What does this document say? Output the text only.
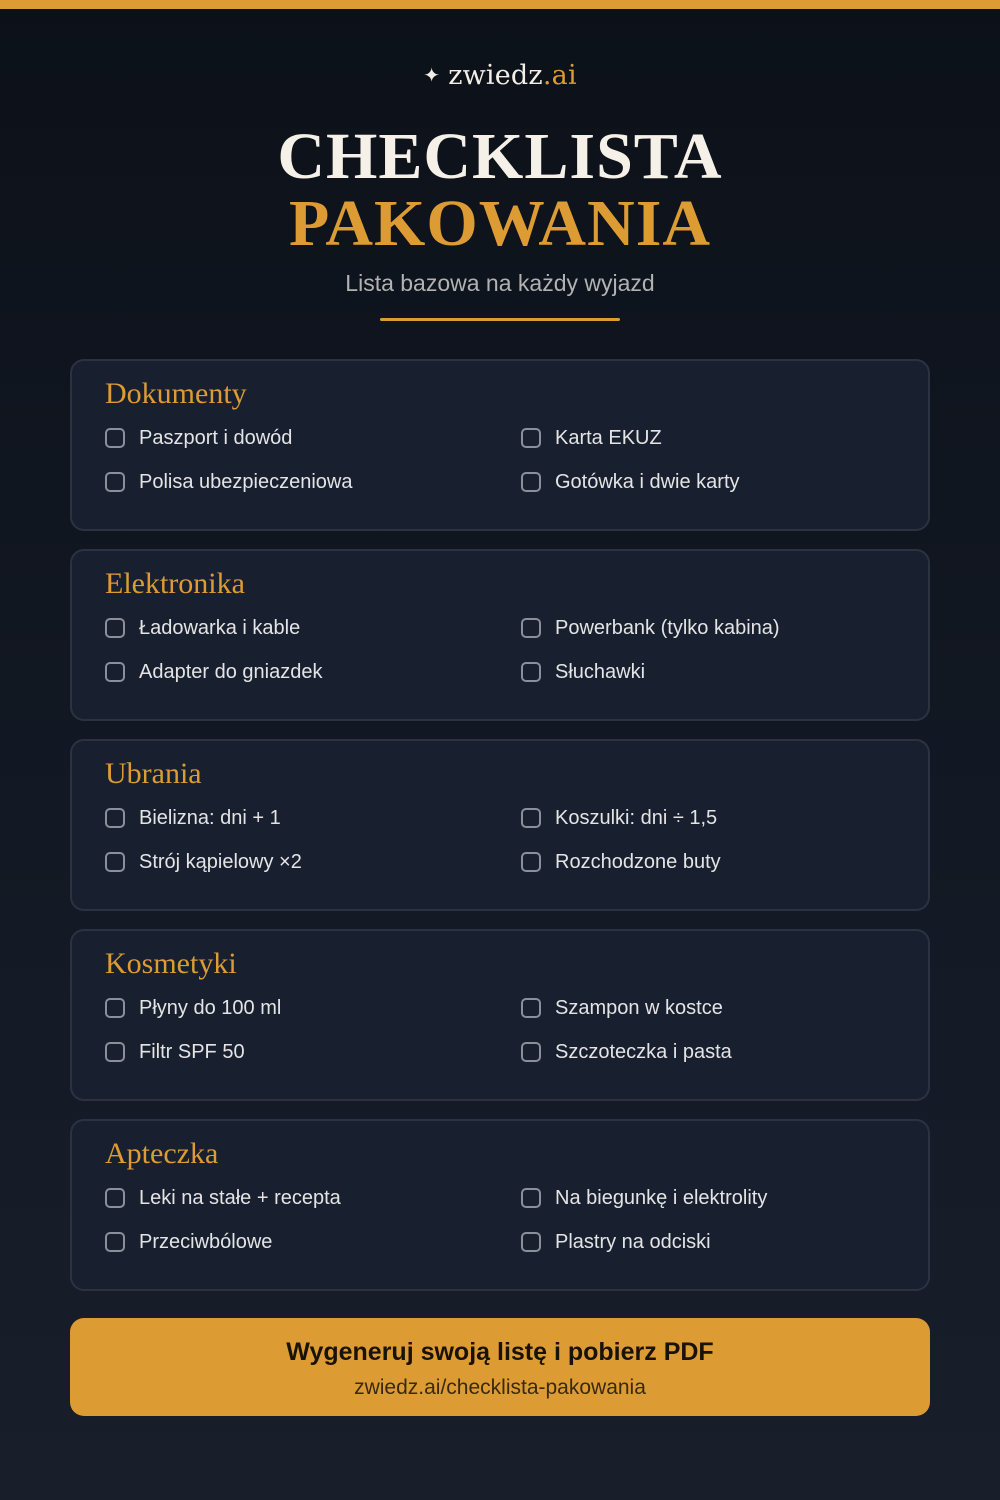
✦ zwiedz.ai
CHECKLISTA
PAKOWANIA
Lista bazowa na każdy wyjazd
Dokumenty
Paszport i dowód	Karta EKUZ
Polisa ubezpieczeniowa	Gotówka i dwie karty
Elektronika
Ładowarka i kable	Powerbank (tylko kabina)
Adapter do gniazdek	Słuchawki
Ubrania
Bielizna: dni + 1	Koszulki: dni ÷ 1,5
Strój kąpielowy ×2	Rozchodzone buty
Kosmetyki
Płyny do 100 ml	Szampon w kostce
Filtr SPF 50	Szczoteczka i pasta
Apteczka
Leki na stałe + recepta	Na biegunkę i elektrolity
Przeciwbólowe	Plastry na odciski
Wygeneruj swoją listę i pobierz PDF
zwiedz.ai/checklista-pakowania
